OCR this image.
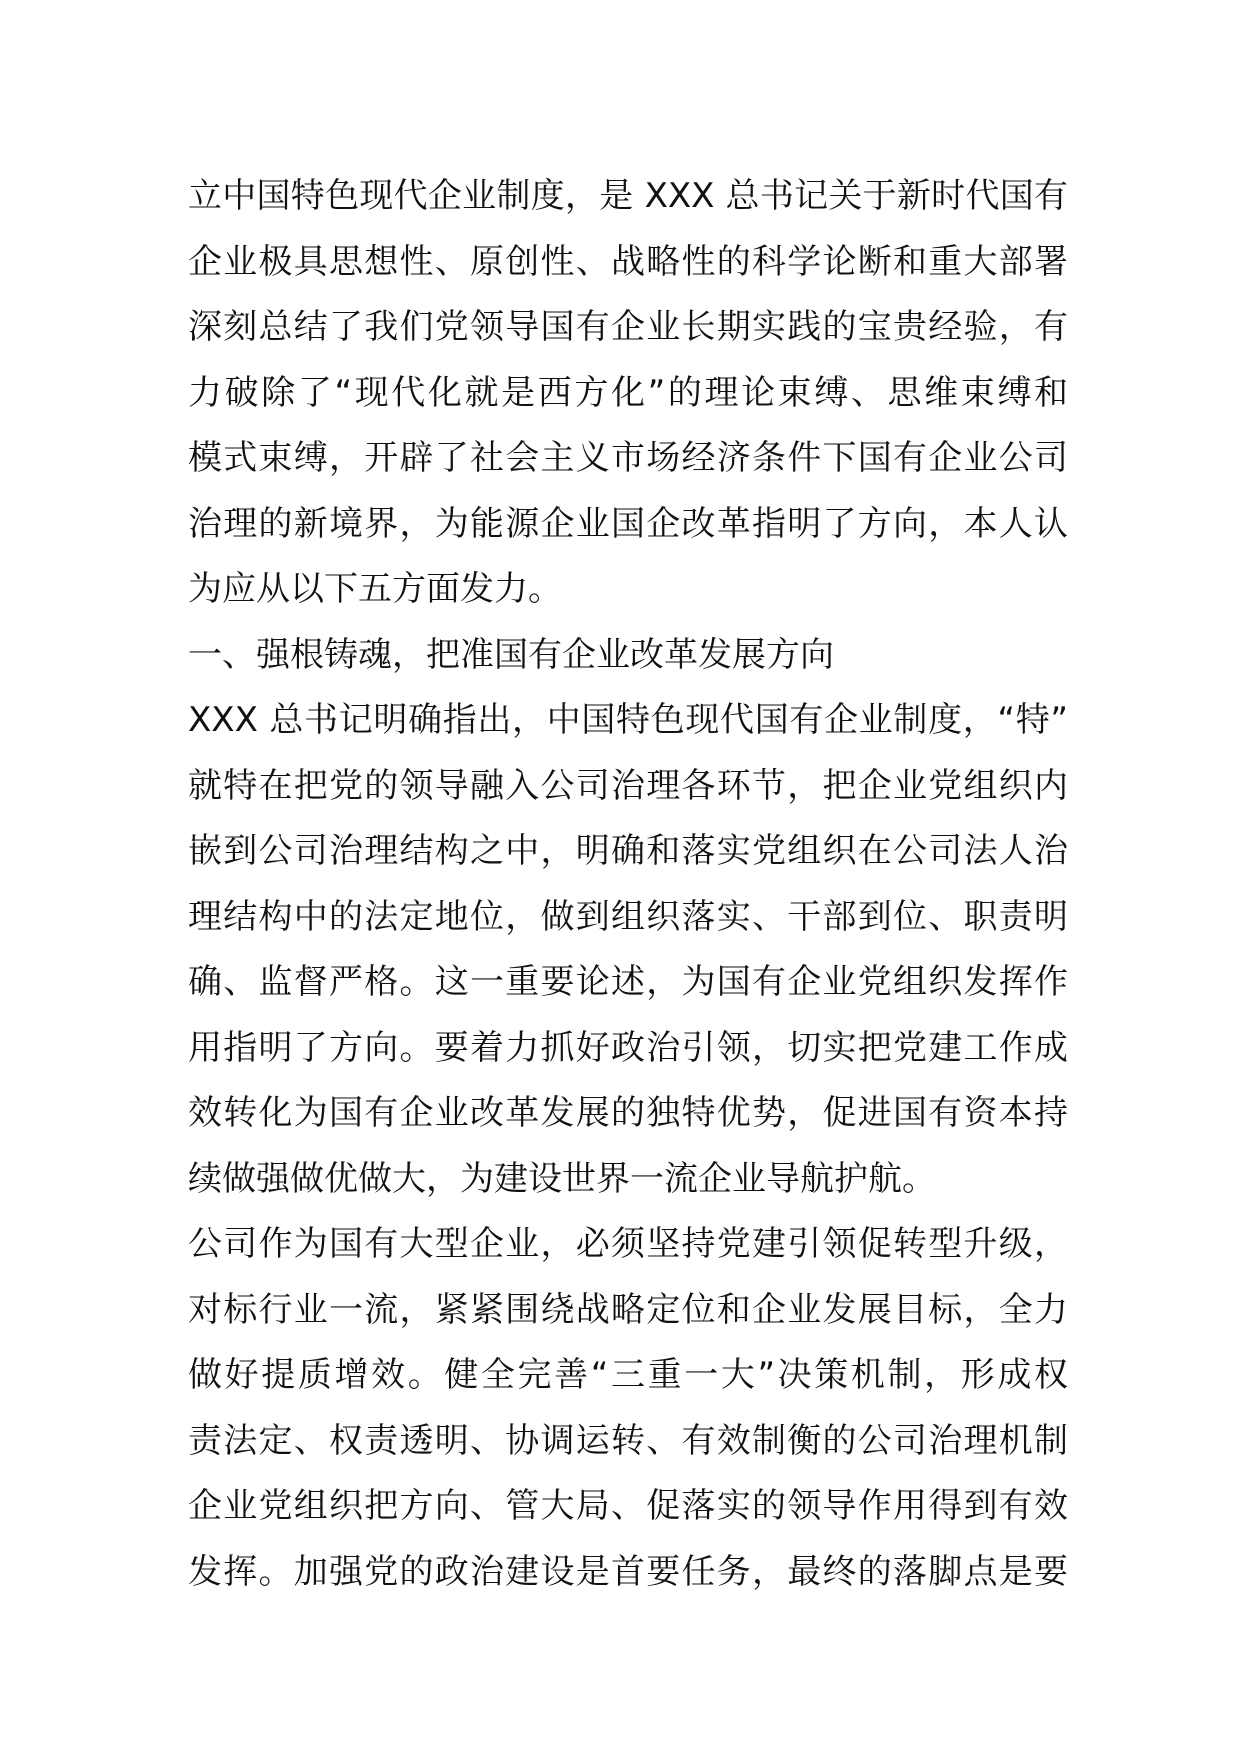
立中国特色现代企业制度，是 XXX 总书记关于新时代国有
企业极具思想性、原创性、战略性的科学论断和重大部署
深刻总结了我们党领导国有企业长期实践的宝贵经验，有
力破除了“现代化就是西方化”的理论束缚、思维束缚和
模式束缚，开辟了社会主义市场经济条件下国有企业公司
治理的新境界，为能源企业国企改革指明了方向，本人认
为应从以下五方面发力。
一、强根铸魂，把准国有企业改革发展方向
XXX 总书记明确指出，中国特色现代国有企业制度，“特”
就特在把党的领导融入公司治理各环节，把企业党组织内
嵌到公司治理结构之中，明确和落实党组织在公司法人治
理结构中的法定地位，做到组织落实、干部到位、职责明
确、监督严格。这一重要论述，为国有企业党组织发挥作
用指明了方向。要着力抓好政治引领，切实把党建工作成
效转化为国有企业改革发展的独特优势，促进国有资本持
续做强做优做大，为建设世界一流企业导航护航。
公司作为国有大型企业，必须坚持党建引领促转型升级，
对标行业一流，紧紧围绕战略定位和企业发展目标，全力
做好提质增效。健全完善“三重一大”决策机制，形成权
责法定、权责透明、协调运转、有效制衡的公司治理机制
企业党组织把方向、管大局、促落实的领导作用得到有效
发挥。加强党的政治建设是首要任务，最终的落脚点是要
